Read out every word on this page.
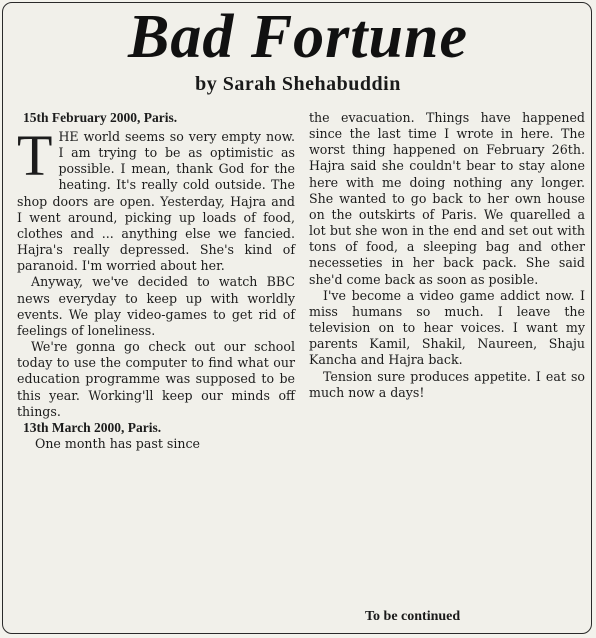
Bad Fortune
by Sarah Shehabuddin
15th February 2000, Paris.

THE world seems so very empty now. I am trying to be as optimistic as possible. I mean, thank God for the heating. It's really cold outside. The shop doors are open. Yesterday, Hajra and I went around, picking up loads of food, clothes and ... anything else we fancied. Hajra's really depressed. She's kind of paranoid. I'm worried about her.

Anyway, we've decided to watch BBC news everyday to keep up with worldly events. We play video-games to get rid of feelings of loneliness.

We're gonna go check out our school today to use the computer to find what our education programme was supposed to be this year. Working'll keep our minds off things.

13th March 2000, Paris.

One month has past since

the evacuation. Things have happened since the last time I wrote in here. The worst thing happened on February 26th. Hajra said she couldn't bear to stay alone here with me doing nothing any longer. She wanted to go back to her own house on the outskirts of Paris. We quarelled a lot but she won in the end and set out with tons of food, a sleeping bag and other necesseties in her back pack. She said she'd come back as soon as posible.

I've become a video game addict now. I miss humans so much. I leave the television on to hear voices. I want my parents Kamil, Shakil, Naureen, Shaju Kancha and Hajra back.

Tension sure produces appetite. I eat so much now a days!

To be continued
